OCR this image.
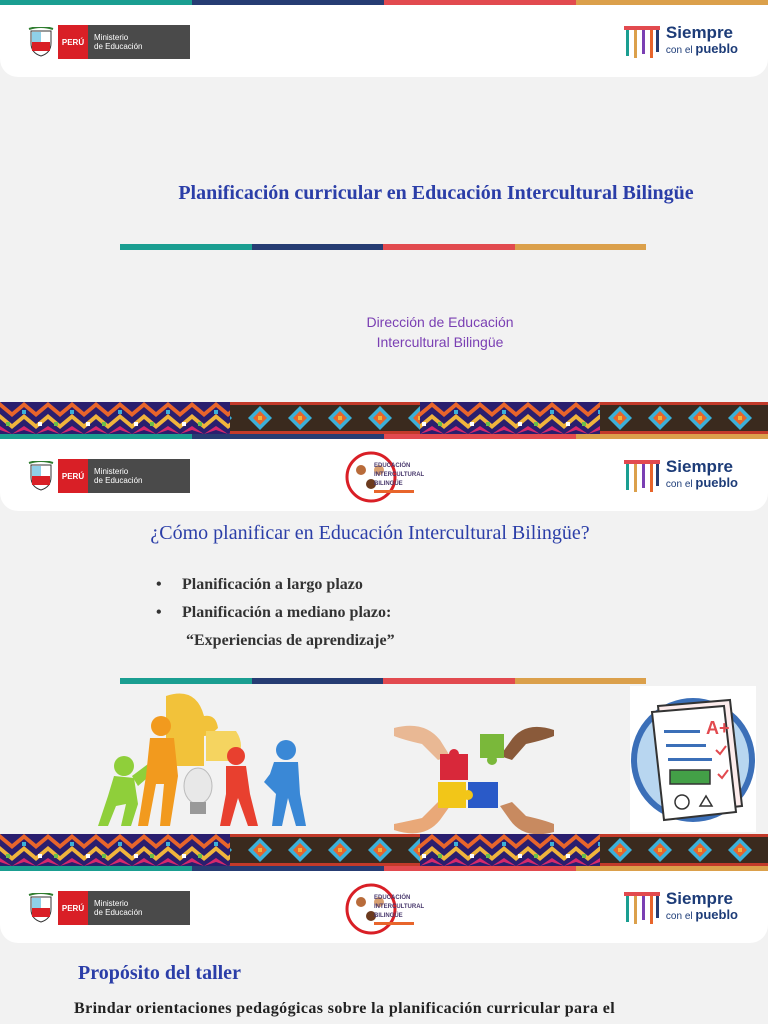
PERÚ	Ministerio
de Educación
Siempre
con el pueblo
Planificación curricular en Educación Intercultural Bilingüe
Dirección de Educación
Intercultural Bilingüe
PERÚ	Ministerio
de Educación
EDUCACIÓN
INTERCULTURAL
BILINGÜE
Siempre
con el pueblo
¿Cómo planificar en Educación Intercultural Bilingüe?
• Planificación a largo plazo
• Planificación a mediano plazo:
“Experiencias de aprendizaje”
A+
PERÚ	Ministerio
de Educación
EDUCACIÓN
INTERCULTURAL
BILINGÜE
Siempre
con el pueblo
Propósito del taller
Brindar orientaciones pedagógicas sobre la planificación curricular para el
